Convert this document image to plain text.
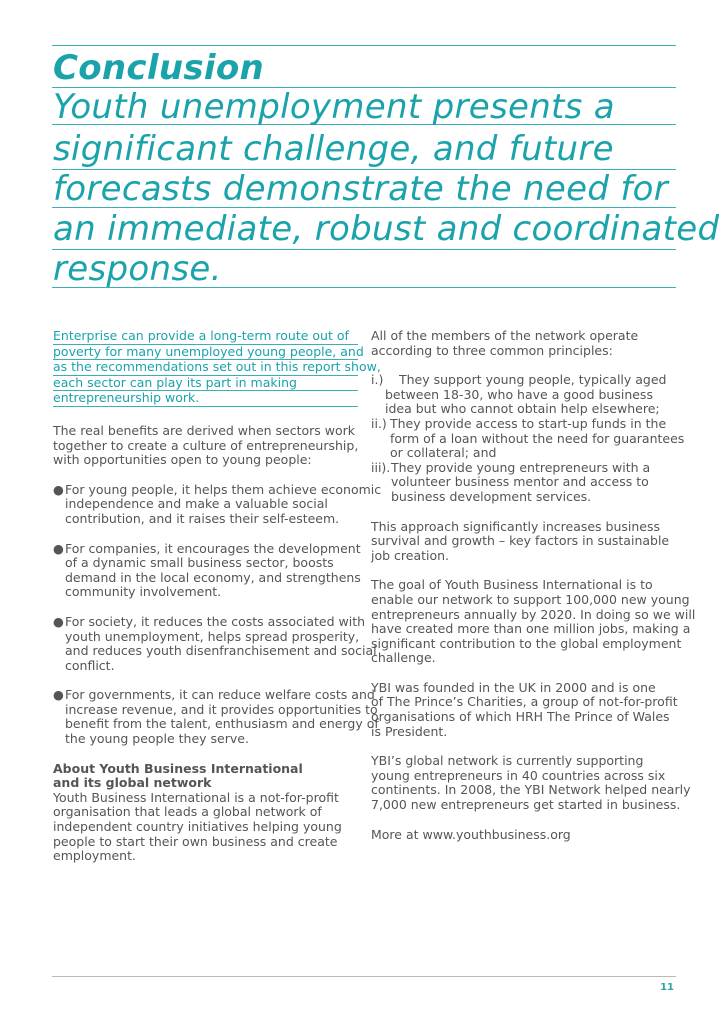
Conclusion
Youth unemployment presents a
significant challenge, and future
forecasts demonstrate the need for
an immediate, robust and coordinated
response.
Enterprise can provide a long-term route out of
poverty for many unemployed young people, and
as the recommendations set out in this report show,
each sector can play its part in making
entrepreneurship work.
The real benefits are derived when sectors work
together to create a culture of entrepreneurship,
with opportunities open to young people:
● For young people, it helps them achieve economic
independence and make a valuable social
contribution, and it raises their self-esteem.
● For companies, it encourages the development
of a dynamic small business sector, boosts
demand in the local economy, and strengthens
community involvement.
● For society, it reduces the costs associated with
youth unemployment, helps spread prosperity,
and reduces youth disenfranchisement and social
conflict.
● For governments, it can reduce welfare costs and
increase revenue, and it provides opportunities to
benefit from the talent, enthusiasm and energy of
the young people they serve.
About Youth Business International
and its global network
Youth Business International is a not-for-profit
organisation that leads a global network of
independent country initiatives helping young
people to start their own business and create
employment.
All of the members of the network operate
according to three common principles:
i.) They support young people, typically aged
between 18-30, who have a good business
idea but who cannot obtain help elsewhere;
ii.) They provide access to start-up funds in the
form of a loan without the need for guarantees
or collateral; and
iii). They provide young entrepreneurs with a
volunteer business mentor and access to
business development services.
This approach significantly increases business
survival and growth – key factors in sustainable
job creation.
The goal of Youth Business International is to
enable our network to support 100,000 new young
entrepreneurs annually by 2020. In doing so we will
have created more than one million jobs, making a
significant contribution to the global employment
challenge.
YBI was founded in the UK in 2000 and is one
of The Prince’s Charities, a group of not-for-profit
organisations of which HRH The Prince of Wales
is President.
YBI’s global network is currently supporting
young entrepreneurs in 40 countries across six
continents. In 2008, the YBI Network helped nearly
7,000 new entrepreneurs get started in business.
More at www.youthbusiness.org
11
